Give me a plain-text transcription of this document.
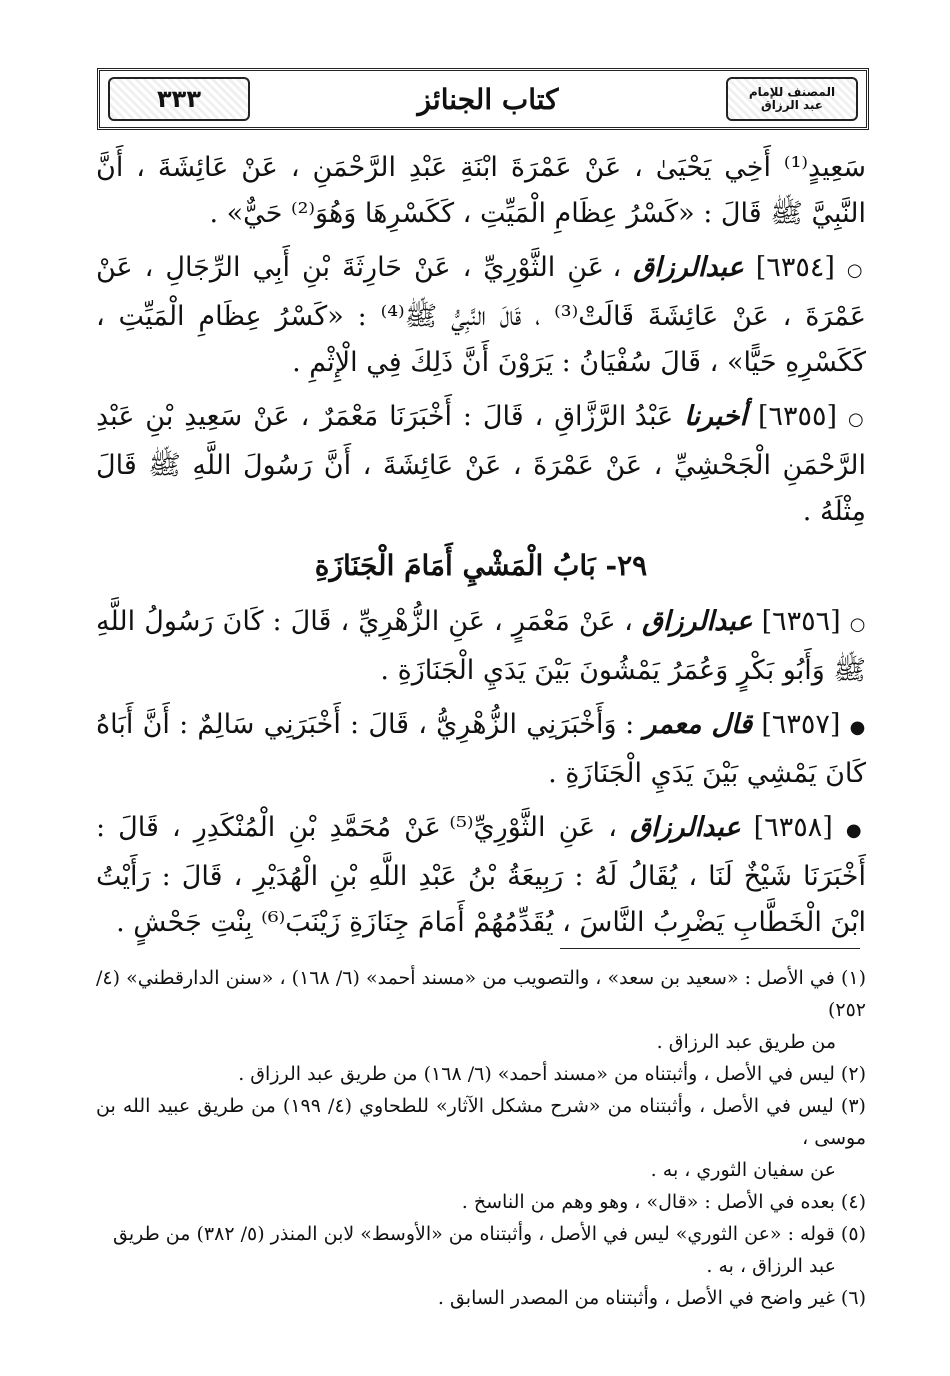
المصنف للإمام عبد الرزاق
كتاب الجنائز
٣٣٣

سَعِيدٍ⁽¹⁾ أَخِي يَحْيَىٰ ، عَنْ عَمْرَةَ ابْنَةِ عَبْدِ الرَّحْمَنِ ، عَنْ عَائِشَةَ ، أَنَّ النَّبِيَّ ﷺ قَالَ : «كَسْرُ عِظَامِ الْمَيِّتِ ، كَكَسْرِهَا وَهُوَ⁽²⁾ حَيٌّ» .

○ [٦٣٥٤] عبدالرزاق ، عَنِ الثَّوْرِيِّ ، عَنْ حَارِثَةَ بْنِ أَبِي الرِّجَالِ ، عَنْ عَمْرَةَ ، عَنْ عَائِشَةَ قَالَتْ⁽³⁾ ، قَالَ النَّبِيُّ ﷺ⁽⁴⁾ : «كَسْرُ عِظَامِ الْمَيِّتِ ، كَكَسْرِهِ حَيًّا» ، قَالَ سُفْيَانُ : يَرَوْنَ أَنَّ ذَلِكَ فِي الْإِثْمِ .

○ [٦٣٥٥] أخبرنا عَبْدُ الرَّزَّاقِ ، قَالَ : أَخْبَرَنَا مَعْمَرٌ ، عَنْ سَعِيدِ بْنِ عَبْدِ الرَّحْمَنِ الْجَحْشِيِّ ، عَنْ عَمْرَةَ ، عَنْ عَائِشَةَ ، أَنَّ رَسُولَ اللَّهِ ﷺ قَالَ مِثْلَهُ .

٢٩- بَابُ الْمَشْيِ أَمَامَ الْجَنَازَةِ

○ [٦٣٥٦] عبدالرزاق ، عَنْ مَعْمَرٍ ، عَنِ الزُّهْرِيِّ ، قَالَ : كَانَ رَسُولُ اللَّهِ ﷺ وَأَبُو بَكْرٍ وَعُمَرُ يَمْشُونَ بَيْنَ يَدَيِ الْجَنَازَةِ .

● [٦٣٥٧] قال معمر : وَأَخْبَرَنِي الزُّهْرِيُّ ، قَالَ : أَخْبَرَنِي سَالِمٌ : أَنَّ أَبَاهُ كَانَ يَمْشِي بَيْنَ يَدَيِ الْجَنَازَةِ .

● [٦٣٥٨] عبدالرزاق ، عَنِ الثَّوْرِيِّ⁽⁵⁾ عَنْ مُحَمَّدِ بْنِ الْمُنْكَدِرِ ، قَالَ : أَخْبَرَنَا شَيْخٌ لَنَا ، يُقَالُ لَهُ : رَبِيعَةُ بْنُ عَبْدِ اللَّهِ بْنِ الْهُدَيْرِ ، قَالَ : رَأَيْتُ ابْنَ الْخَطَّابِ يَضْرِبُ النَّاسَ ، يُقَدِّمُهُمْ أَمَامَ جِنَازَةِ زَيْنَبَ⁽⁶⁾ بِنْتِ جَحْشٍ .

(١) في الأصل : «سعيد بن سعد» ، والتصويب من «مسند أحمد» (٦/ ١٦٨) ، «سنن الدارقطني» (٤/ ٢٥٢)

من طريق عبد الرزاق .

(٢) ليس في الأصل ، وأثبتناه من «مسند أحمد» (٦/ ١٦٨) من طريق عبد الرزاق .

(٣) ليس في الأصل ، وأثبتناه من «شرح مشكل الآثار» للطحاوي (٤/ ١٩٩) من طريق عبيد الله بن موسى ،

عن سفيان الثوري ، به .

(٤) بعده في الأصل : «قال» ، وهو وهم من الناسخ .

(٥) قوله : «عن الثوري» ليس في الأصل ، وأثبتناه من «الأوسط» لابن المنذر (٥/ ٣٨٢) من طريق

عبد الرزاق ، به .

(٦) غير واضح في الأصل ، وأثبتناه من المصدر السابق .
